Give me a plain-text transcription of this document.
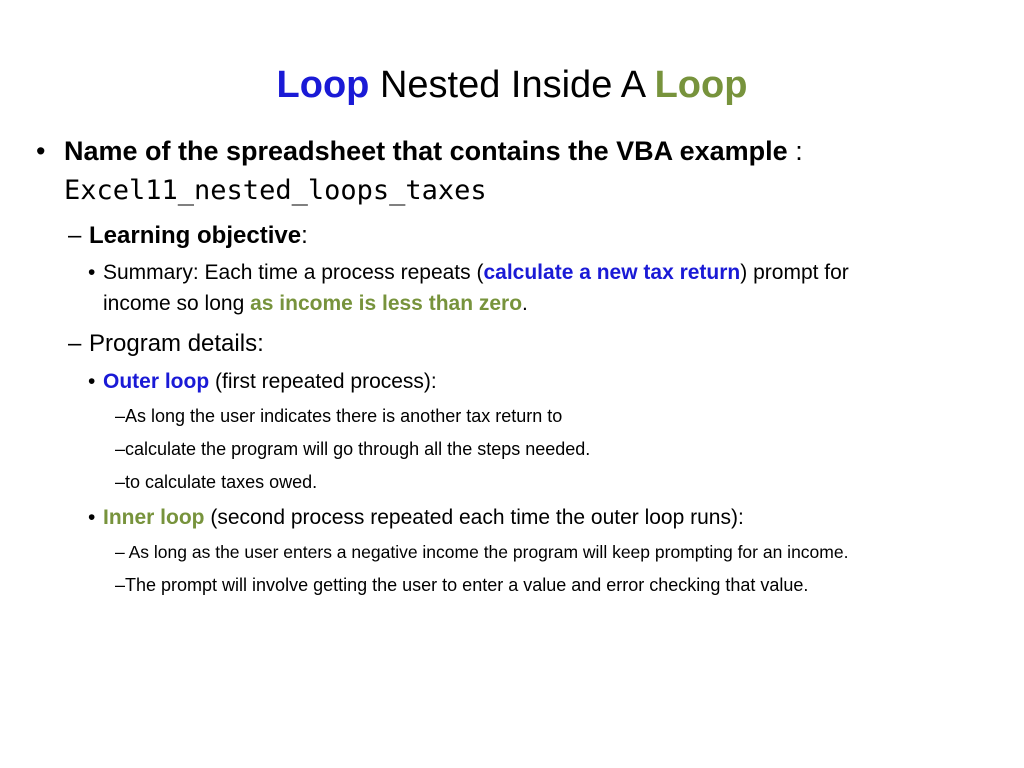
Loop Nested Inside A Loop
• Name of the spreadsheet that contains the VBA example :
Excel11_nested_loops_taxes
– Learning objective:
• Summary: Each time a process repeats (calculate a new tax return) prompt for
income so long as income is less than zero.
– Program details:
• Outer loop (first repeated process):
–As long the user indicates there is another tax return to
–calculate the program will go through all the steps needed.
–to calculate taxes owed.
• Inner loop (second process repeated each time the outer loop runs):
– As long as the user enters a negative income the program will keep prompting for an income.
–The prompt will involve getting the user to enter a value and error checking that value.
